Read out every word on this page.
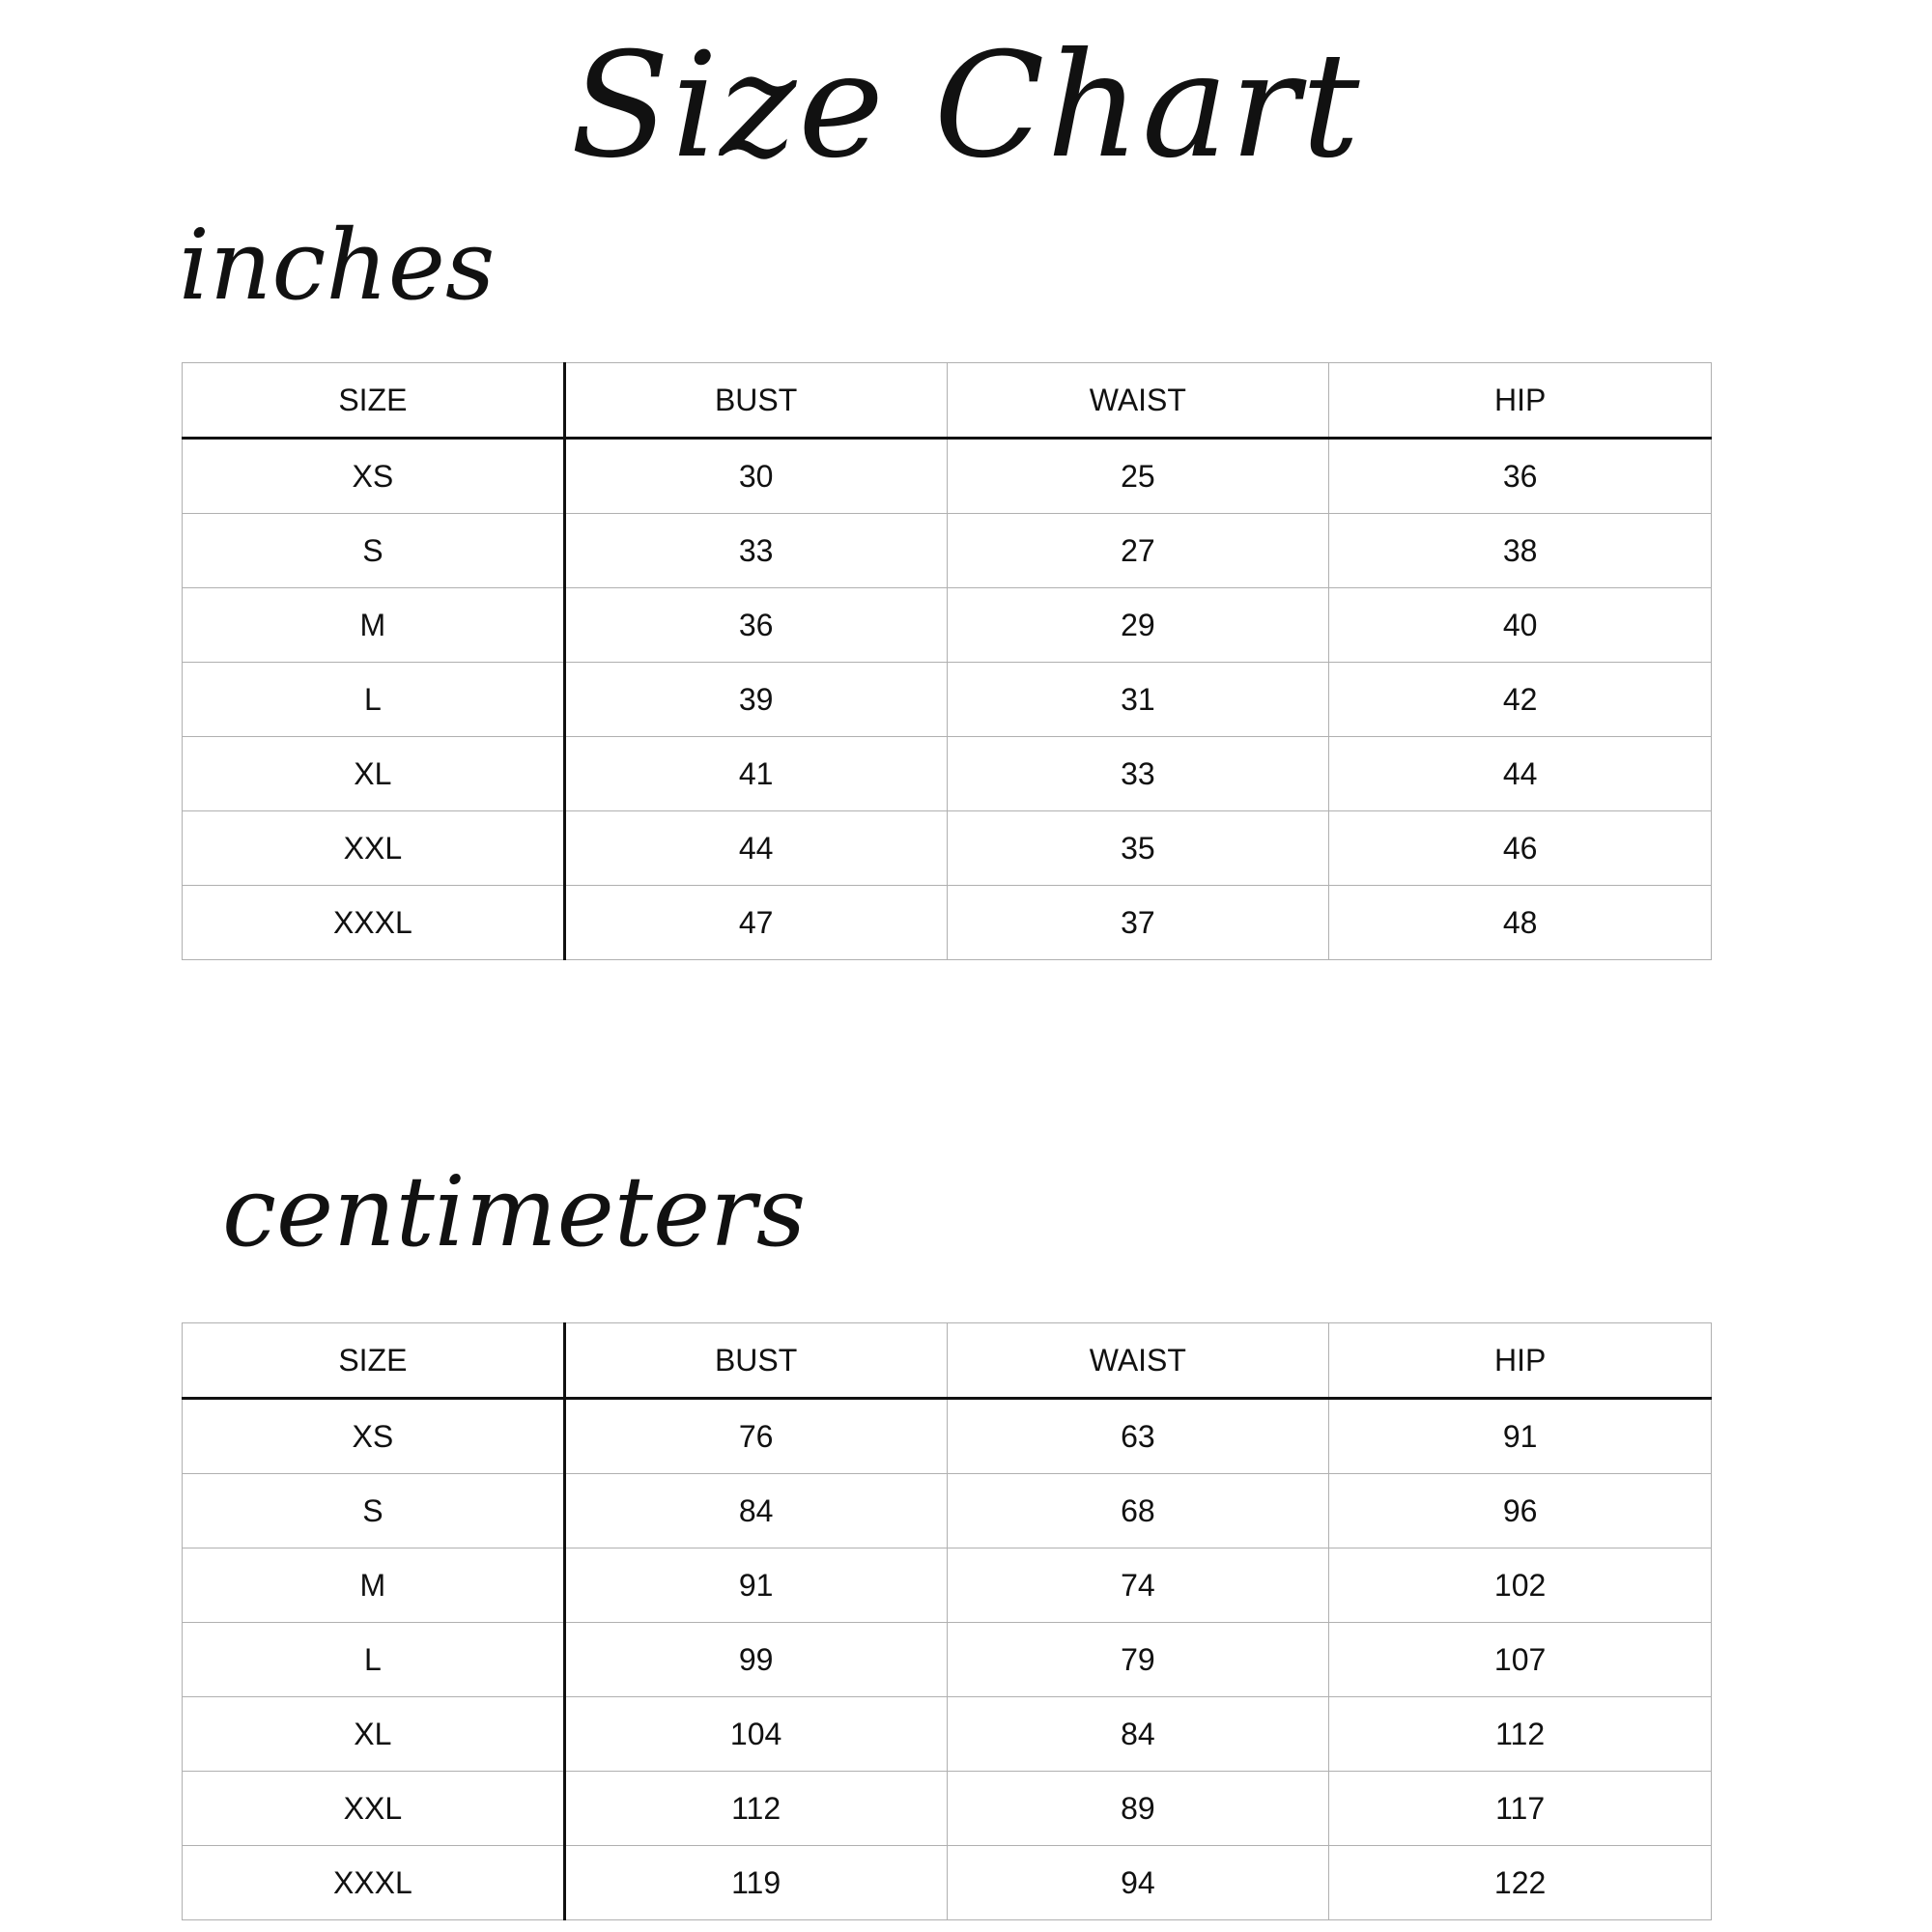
Size Chart
inches
SIZE	BUST	WAIST	HIP
XS	30	25	36
S	33	27	38
M	36	29	40
L	39	31	42
XL	41	33	44
XXL	44	35	46
XXXL	47	37	48
centimeters
SIZE	BUST	WAIST	HIP
XS	76	63	91
S	84	68	96
M	91	74	102
L	99	79	107
XL	104	84	112
XXL	112	89	117
XXXL	119	94	122
